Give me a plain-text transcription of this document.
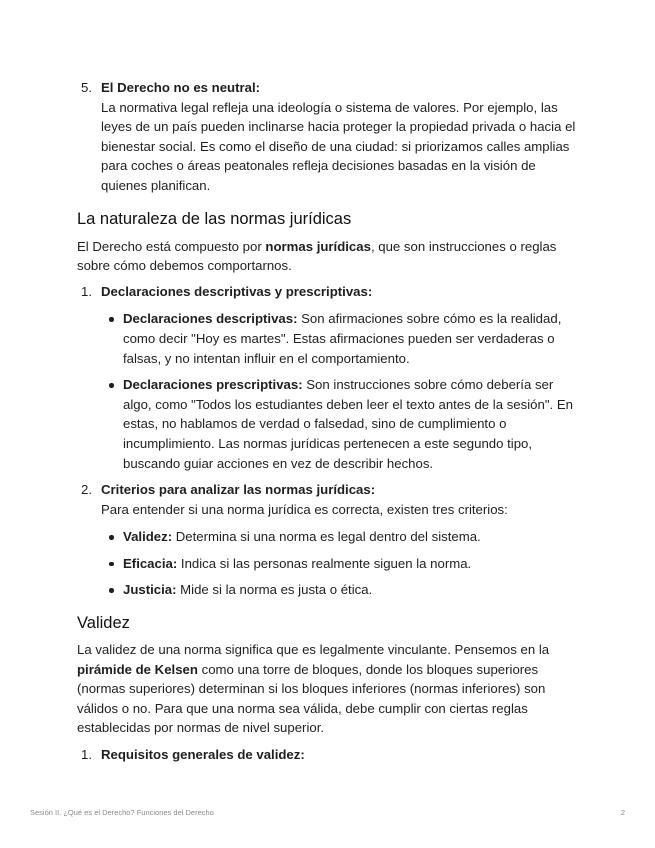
5. El Derecho no es neutral:
La normativa legal refleja una ideología o sistema de valores. Por ejemplo, las leyes de un país pueden inclinarse hacia proteger la propiedad privada o hacia el bienestar social. Es como el diseño de una ciudad: si priorizamos calles amplias para coches o áreas peatonales refleja decisiones basadas en la visión de quienes planifican.
La naturaleza de las normas jurídicas

El Derecho está compuesto por normas jurídicas, que son instrucciones o reglas sobre cómo debemos comportarnos.

1. Declaraciones descriptivas y prescriptivas:
Declaraciones descriptivas: Son afirmaciones sobre cómo es la realidad, como decir "Hoy es martes". Estas afirmaciones pueden ser verdaderas o falsas, y no intentan influir en el comportamiento.
Declaraciones prescriptivas: Son instrucciones sobre cómo debería ser algo, como "Todos los estudiantes deben leer el texto antes de la sesión". En estas, no hablamos de verdad o falsedad, sino de cumplimiento o incumplimiento. Las normas jurídicas pertenecen a este segundo tipo, buscando guiar acciones en vez de describir hechos.
2. Criterios para analizar las normas jurídicas:
Para entender si una norma jurídica es correcta, existen tres criterios:
Validez: Determina si una norma es legal dentro del sistema.
Eficacia: Indica si las personas realmente siguen la norma.
Justicia: Mide si la norma es justa o ética.
Validez

La validez de una norma significa que es legalmente vinculante. Pensemos en la pirámide de Kelsen como una torre de bloques, donde los bloques superiores (normas superiores) determinan si los bloques inferiores (normas inferiores) son válidos o no. Para que una norma sea válida, debe cumplir con ciertas reglas establecidas por normas de nivel superior.

1. Requisitos generales de validez:
Sesión II. ¿Qué es el Derecho? Funciones del Derecho	2
